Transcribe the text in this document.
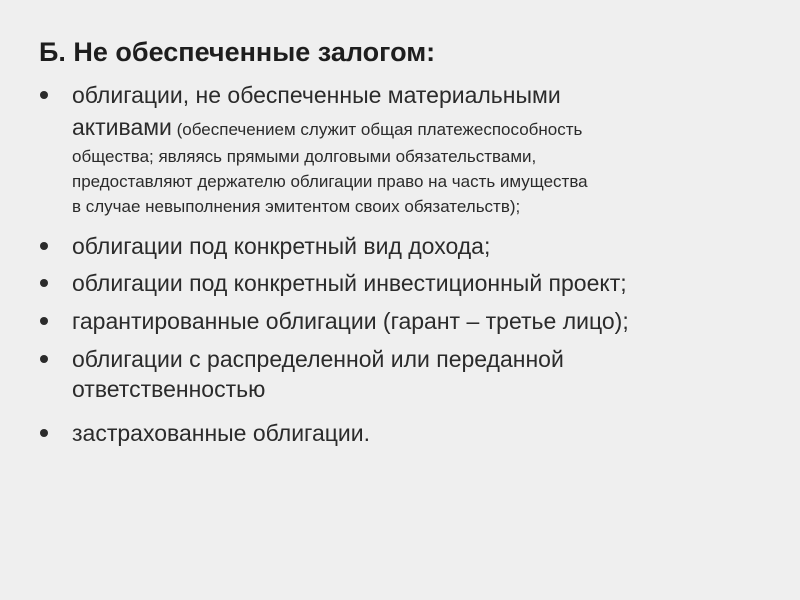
Б. Не обеспеченные залогом:
облигации, не обеспеченные материальными
активами (обеспечением служит общая платежеспособность
общества; являясь прямыми долговыми обязательствами,
предоставляют держателю облигации право на часть имущества
в случае невыполнения эмитентом своих обязательств);
облигации под конкретный вид дохода;
облигации под конкретный инвестиционный проект;
гарантированные облигации (гарант – третье лицо);
облигации с распределенной или переданной
ответственностью
застрахованные облигации.
